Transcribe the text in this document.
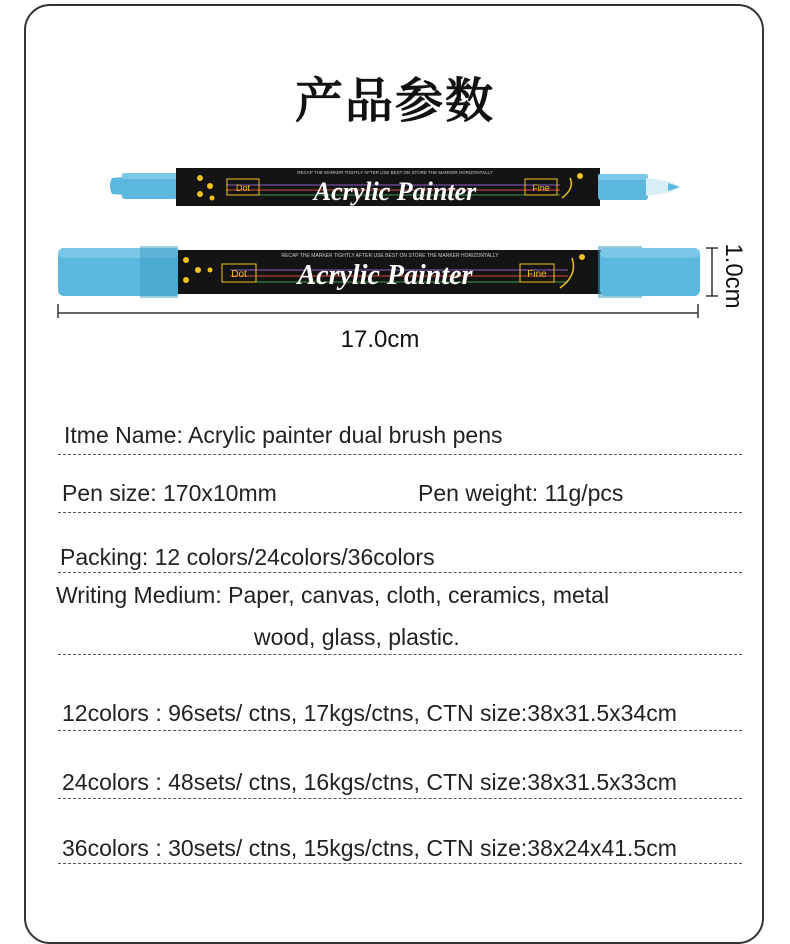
产品参数
Dot Acrylic Painter	Fine
RECAP THE MARKER TIGHTLY AFTER USE BEST ON STORE THE MARKER HORIZONTALLY
Dot Acrylic Painter	Fine
RECAP THE MARKER TIGHTLY AFTER USE BEST ON STORE THE MARKER HORIZONTALLY
17.0cm
1.0cm
Itme Name: Acrylic painter dual brush pens
Pen size: 170x10mm	Pen weight: 11g/pcs
Packing: 12 colors/24colors/36colors
Writing Medium: Paper, canvas, cloth, ceramics, metal
wood, glass, plastic.
12colors : 96sets/ ctns, 17kgs/ctns, CTN size:38x31.5x34cm
24colors : 48sets/ ctns, 16kgs/ctns, CTN size:38x31.5x33cm
36colors : 30sets/ ctns, 15kgs/ctns, CTN size:38x24x41.5cm
